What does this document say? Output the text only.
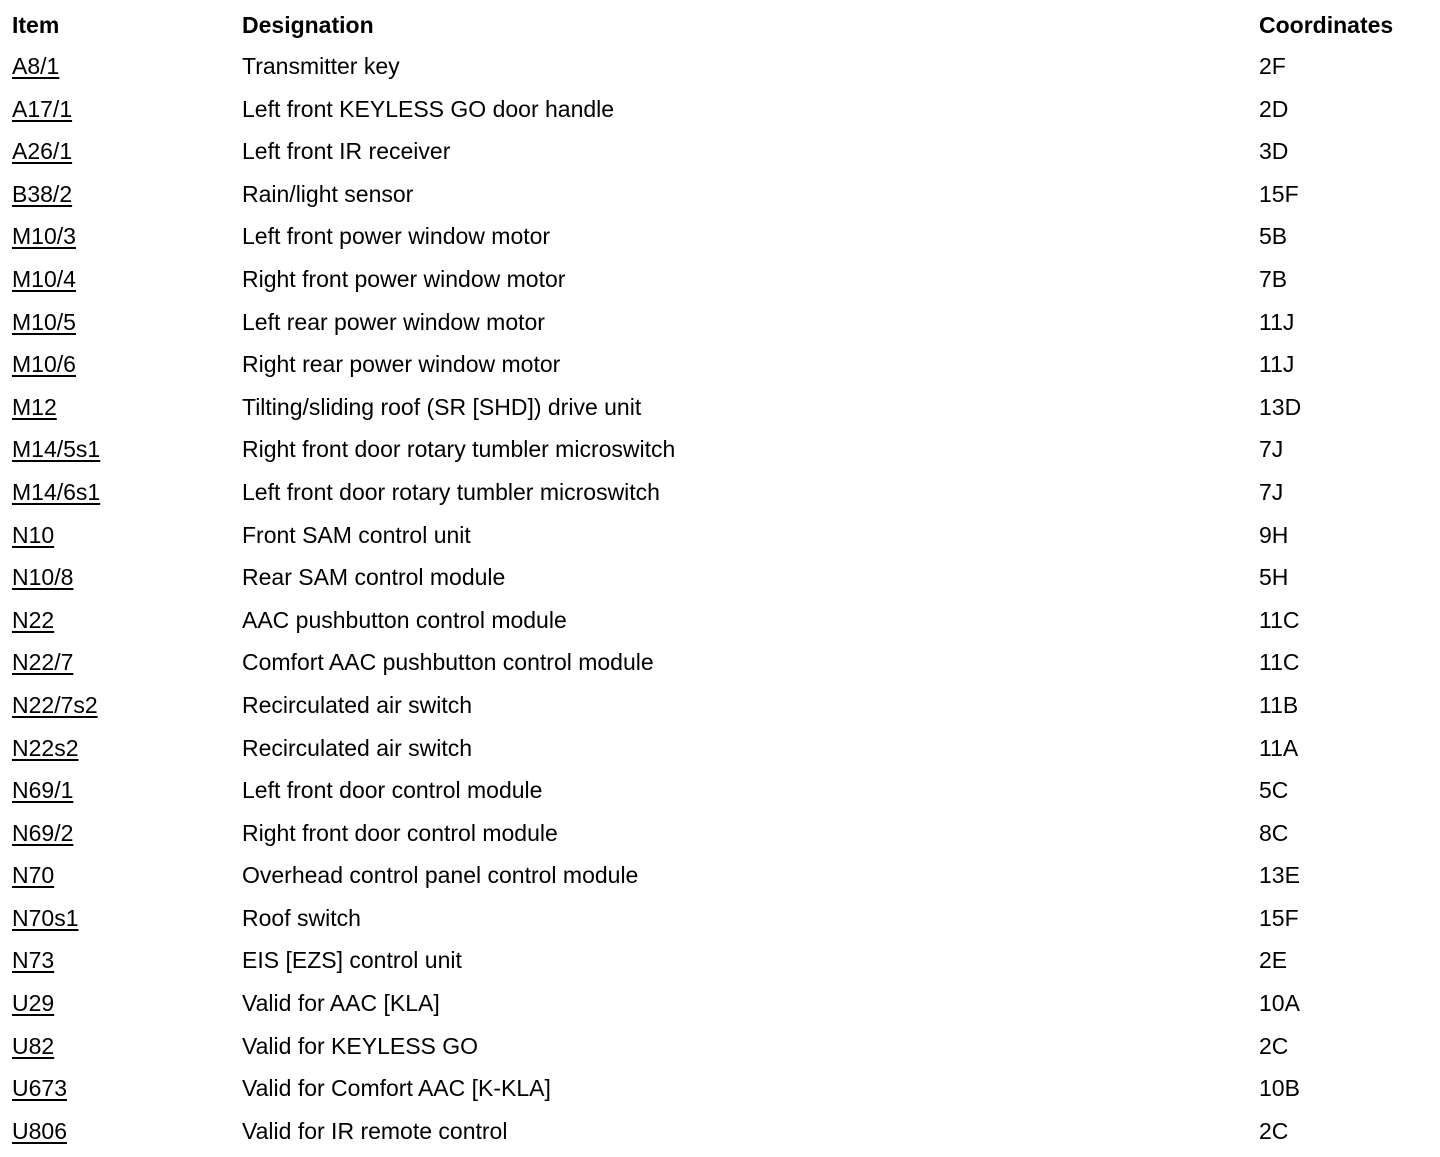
Item	Designation	Coordinates
A8/1	Transmitter key	2F
A17/1	Left front KEYLESS GO door handle	2D
A26/1	Left front IR receiver	3D
B38/2	Rain/light sensor	15F
M10/3	Left front power window motor	5B
M10/4	Right front power window motor	7B
M10/5	Left rear power window motor	11J
M10/6	Right rear power window motor	11J
M12	Tilting/sliding roof (SR [SHD]) drive unit	13D
M14/5s1	Right front door rotary tumbler microswitch	7J
M14/6s1	Left front door rotary tumbler microswitch	7J
N10	Front SAM control unit	9H
N10/8	Rear SAM control module	5H
N22	AAC pushbutton control module	11C
N22/7	Comfort AAC pushbutton control module	11C
N22/7s2	Recirculated air switch	11B
N22s2	Recirculated air switch	11A
N69/1	Left front door control module	5C
N69/2	Right front door control module	8C
N70	Overhead control panel control module	13E
N70s1	Roof switch	15F
N73	EIS [EZS] control unit	2E
U29	Valid for AAC [KLA]	10A
U82	Valid for KEYLESS GO	2C
U673	Valid for Comfort AAC [K-KLA]	10B
U806	Valid for IR remote control	2C
